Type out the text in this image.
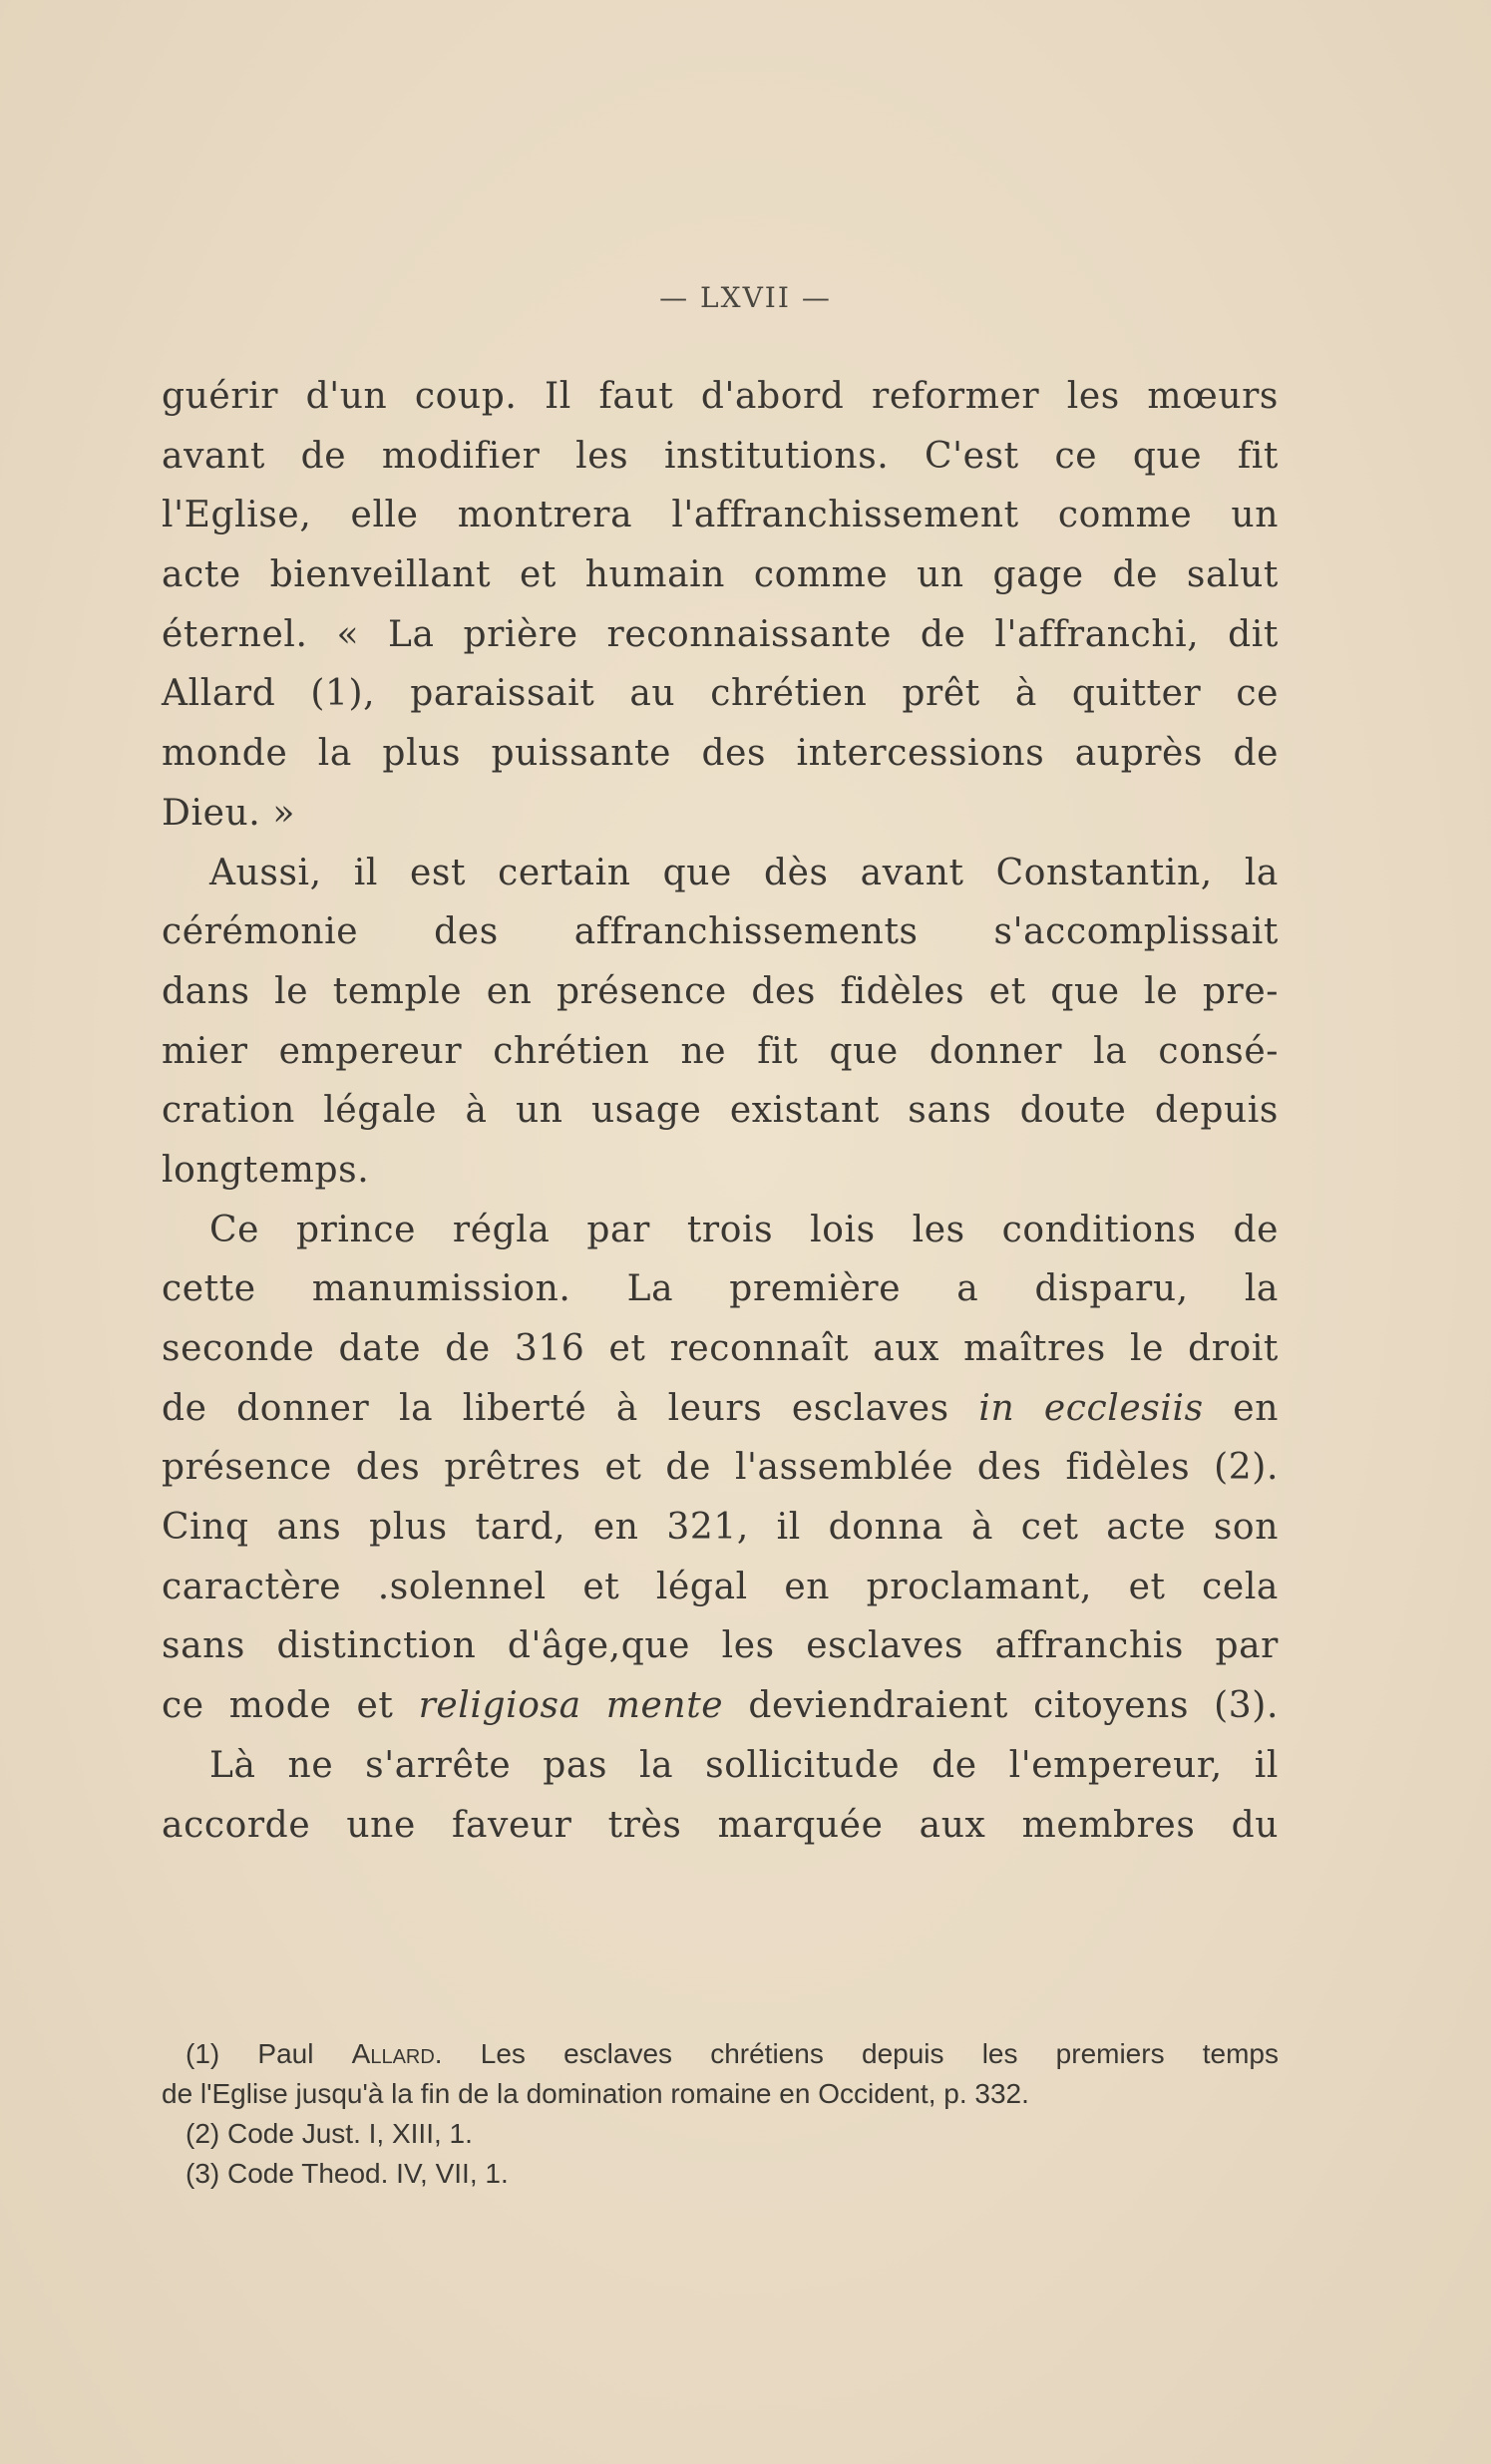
— LXVII —
guérir d'un coup. Il faut d'abord reformer les mœurs
avant de modifier les institutions. C'est ce que fit
l'Eglise, elle montrera l'affranchissement comme un
acte bienveillant et humain comme un gage de salut
éternel. « La prière reconnaissante de l'affranchi, dit
Allard (1), paraissait au chrétien prêt à quitter ce
monde la plus puissante des intercessions auprès de
Dieu. »
Aussi, il est certain que dès avant Constantin, la
cérémonie des affranchissements s'accomplissait
dans le temple en présence des fidèles et que le pre-
mier empereur chrétien ne fit que donner la consé-
cration légale à un usage existant sans doute depuis
longtemps.
Ce prince régla par trois lois les conditions de
cette manumission. La première a disparu, la
seconde date de 316 et reconnaît aux maîtres le droit
de donner la liberté à leurs esclaves in ecclesiis en
présence des prêtres et de l'assemblée des fidèles (2).
Cinq ans plus tard, en 321, il donna à cet acte son
caractère .solennel et légal en proclamant, et cela
sans distinction d'âge,que les esclaves affranchis par
ce mode et religiosa mente deviendraient citoyens (3).
Là ne s'arrête pas la sollicitude de l'empereur, il
accorde une faveur très marquée aux membres du
(1) Paul Allard. Les esclaves chrétiens depuis les premiers temps
de l'Eglise jusqu'à la fin de la domination romaine en Occident, p. 332.
(2) Code Just. I, XIII, 1.
(3) Code Theod. IV, VII, 1.
